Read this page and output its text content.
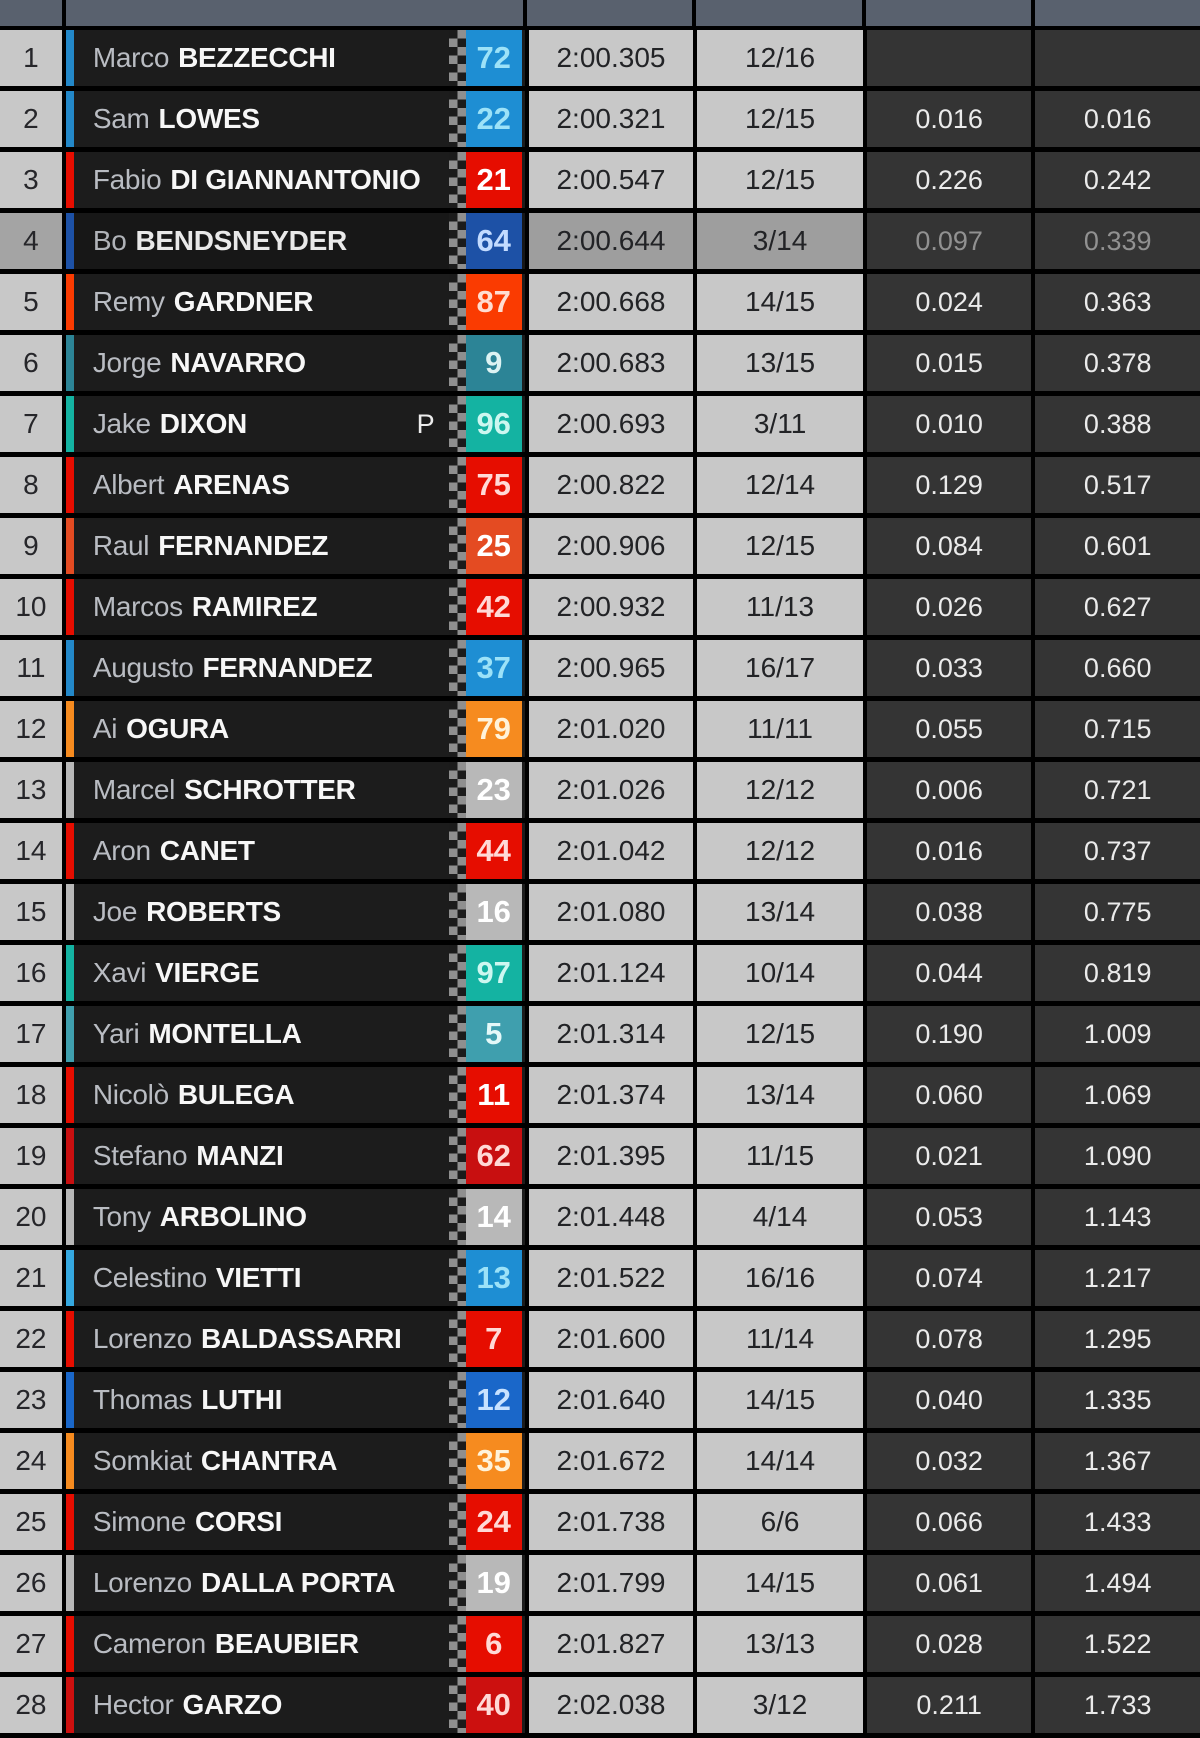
1	Marco BEZZECCHI	72	2:00.305	12/16
2	Sam LOWES	22	2:00.321	12/15	0.016	0.016
3	Fabio DI GIANNANTONIO	21	2:00.547	12/15	0.226	0.242
4	Bo BENDSNEYDER	64	2:00.644	3/14	0.097	0.339
5	Remy GARDNER	87	2:00.668	14/15	0.024	0.363
6	Jorge NAVARRO	9	2:00.683	13/15	0.015	0.378
7	Jake DIXON	P	96	2:00.693	3/11	0.010	0.388
8	Albert ARENAS	75	2:00.822	12/14	0.129	0.517
9	Raul FERNANDEZ	25	2:00.906	12/15	0.084	0.601
10	Marcos RAMIREZ	42	2:00.932	11/13	0.026	0.627
11	Augusto FERNANDEZ	37	2:00.965	16/17	0.033	0.660
12	Ai OGURA	79	2:01.020	11/11	0.055	0.715
13	Marcel SCHROTTER	23	2:01.026	12/12	0.006	0.721
14	Aron CANET	44	2:01.042	12/12	0.016	0.737
15	Joe ROBERTS	16	2:01.080	13/14	0.038	0.775
16	Xavi VIERGE	97	2:01.124	10/14	0.044	0.819
17	Yari MONTELLA	5	2:01.314	12/15	0.190	1.009
18	Nicolò BULEGA	11	2:01.374	13/14	0.060	1.069
19	Stefano MANZI	62	2:01.395	11/15	0.021	1.090
20	Tony ARBOLINO	14	2:01.448	4/14	0.053	1.143
21	Celestino VIETTI	13	2:01.522	16/16	0.074	1.217
22	Lorenzo BALDASSARRI	7	2:01.600	11/14	0.078	1.295
23	Thomas LUTHI	12	2:01.640	14/15	0.040	1.335
24	Somkiat CHANTRA	35	2:01.672	14/14	0.032	1.367
25	Simone CORSI	24	2:01.738	6/6	0.066	1.433
26	Lorenzo DALLA PORTA	19	2:01.799	14/15	0.061	1.494
27	Cameron BEAUBIER	6	2:01.827	13/13	0.028	1.522
28	Hector GARZO	40	2:02.038	3/12	0.211	1.733
